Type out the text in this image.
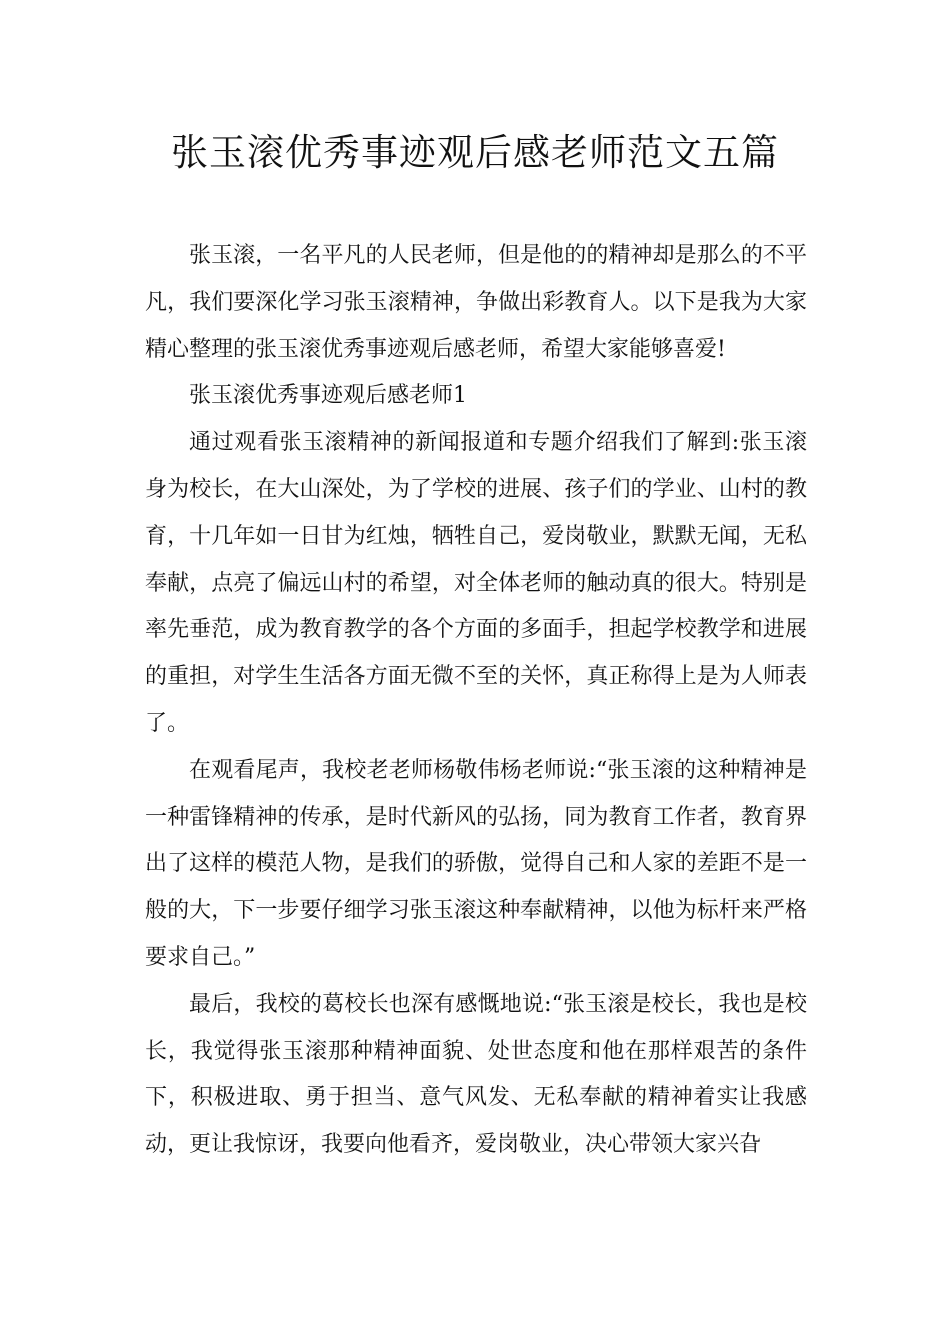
张玉滚优秀事迹观后感老师范文五篇

张玉滚，一名平凡的人民老师，但是他的的精神却是那么的不平凡，我们要深化学习张玉滚精神，争做出彩教育人。以下是我为大家精心整理的张玉滚优秀事迹观后感老师，希望大家能够喜爱!

张玉滚优秀事迹观后感老师1

通过观看张玉滚精神的新闻报道和专题介绍我们了解到:张玉滚身为校长，在大山深处，为了学校的进展、孩子们的学业、山村的教育，十几年如一日甘为红烛，牺牲自己，爱岗敬业，默默无闻，无私奉献，点亮了偏远山村的希望，对全体老师的触动真的很大。特别是率先垂范，成为教育教学的各个方面的多面手，担起学校教学和进展的重担，对学生生活各方面无微不至的关怀，真正称得上是为人师表了。

在观看尾声，我校老老师杨敬伟杨老师说:“张玉滚的这种精神是一种雷锋精神的传承，是时代新风的弘扬，同为教育工作者，教育界出了这样的模范人物，是我们的骄傲，觉得自己和人家的差距不是一般的大，下一步要仔细学习张玉滚这种奉献精神，以他为标杆来严格要求自己。”

最后，我校的葛校长也深有感慨地说:“张玉滚是校长，我也是校长，我觉得张玉滚那种精神面貌、处世态度和他在那样艰苦的条件下，积极进取、勇于担当、意气风发、无私奉献的精神着实让我感动，更让我惊讶，我要向他看齐，爱岗敬业，决心带领大家兴旮
